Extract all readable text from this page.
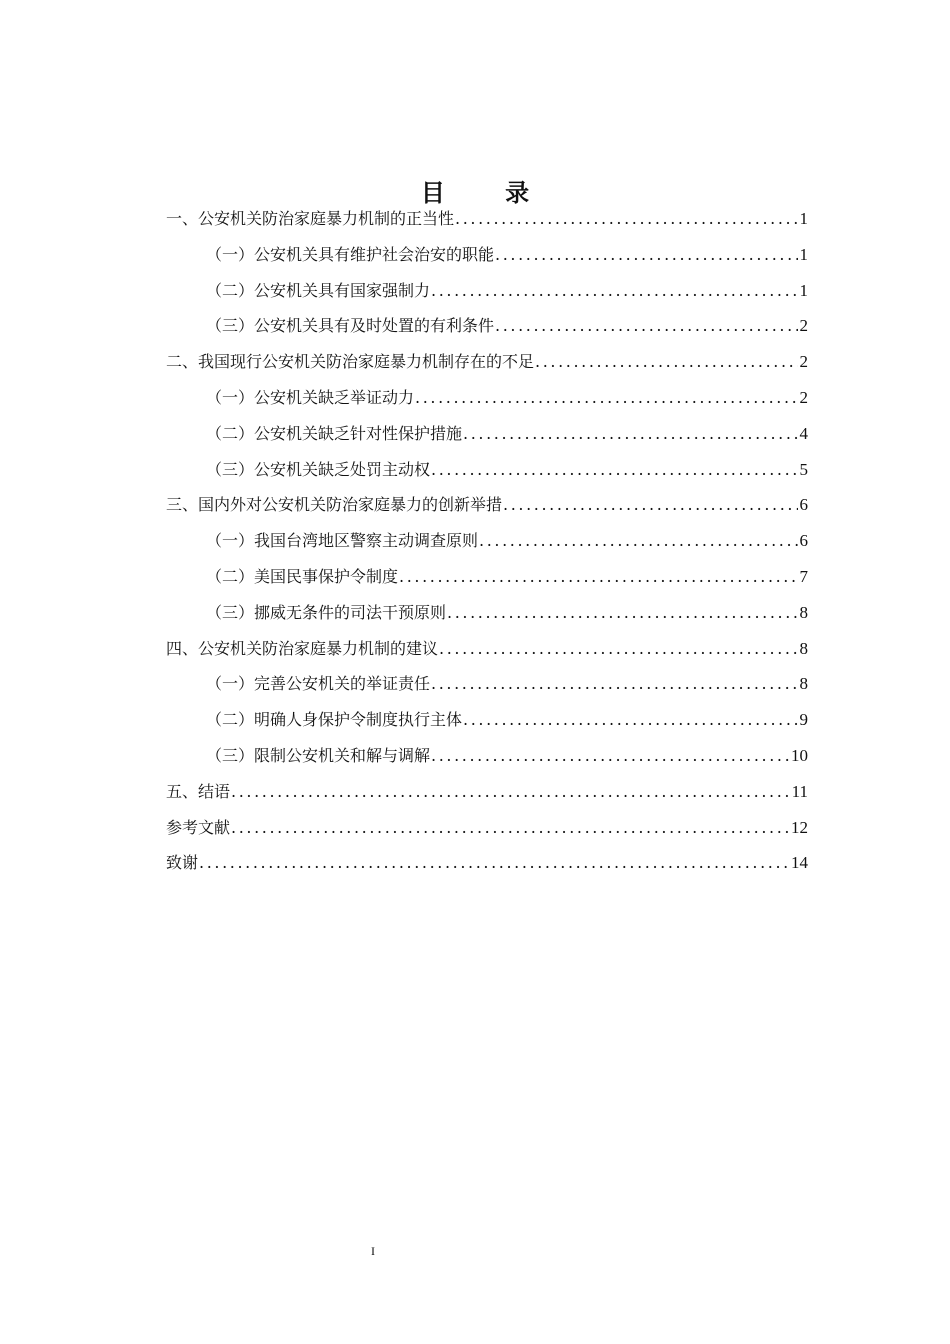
目 录
一、公安机关防治家庭暴力机制的正当性 .....	1
（一）公安机关具有维护社会治安的职能 .....	1
（二）公安机关具有国家强制力 .....	1
（三）公安机关具有及时处置的有利条件 .....	2
二、我国现行公安机关防治家庭暴力机制存在的不足 .....	2
（一）公安机关缺乏举证动力 .....	2
（二）公安机关缺乏针对性保护措施 .....	4
（三）公安机关缺乏处罚主动权 .....	5
三、国内外对公安机关防治家庭暴力的创新举措 .....	6
（一）我国台湾地区警察主动调查原则 .....	6
（二）美国民事保护令制度 .....	7
（三）挪威无条件的司法干预原则 .....	8
四、公安机关防治家庭暴力机制的建议 .....	8
（一）完善公安机关的举证责任 .....	8
（二）明确人身保护令制度执行主体 .....	9
（三）限制公安机关和解与调解 .....	10
五、结语 .....	11
参考文献 .....	12
致谢 .....	14

I
